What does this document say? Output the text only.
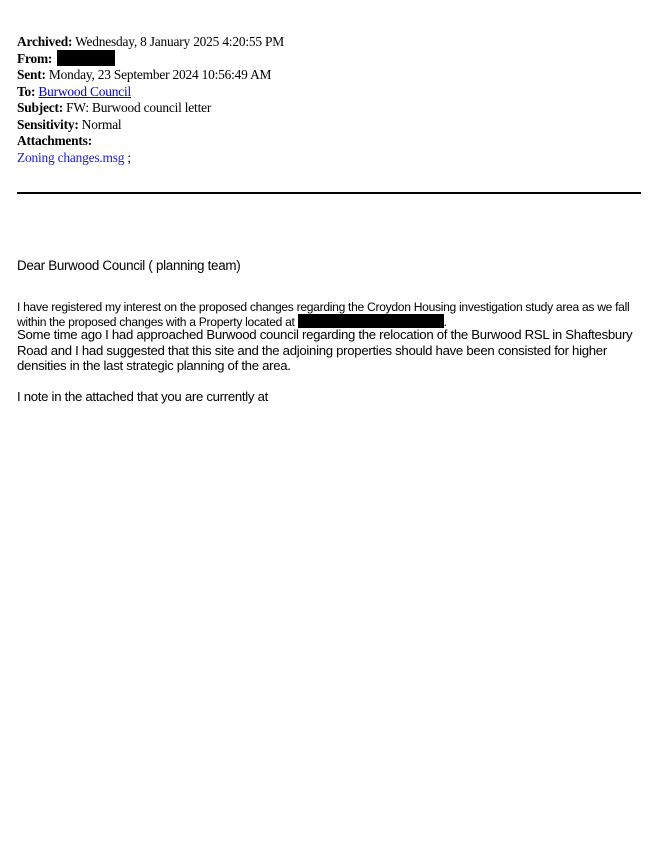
Archived: Wednesday, 8 January 2025 4:20:55 PM
From:
Sent: Monday, 23 September 2024 10:56:49 AM
To: Burwood Council
Subject: FW: Burwood council letter
Sensitivity: Normal
Attachments:
Zoning changes.msg ;
Dear Burwood Council ( planning team)
I have registered my interest on the proposed changes regarding the Croydon Housing investigation study area as we fall within the proposed changes with a Property located at	.
Some time ago I had approached Burwood council regarding the relocation of the Burwood RSL in Shaftesbury Road and I had suggested that this site and the adjoining properties should have been consisted for higher densities in the last strategic planning of the area.
I note in the attached that you are currently at
